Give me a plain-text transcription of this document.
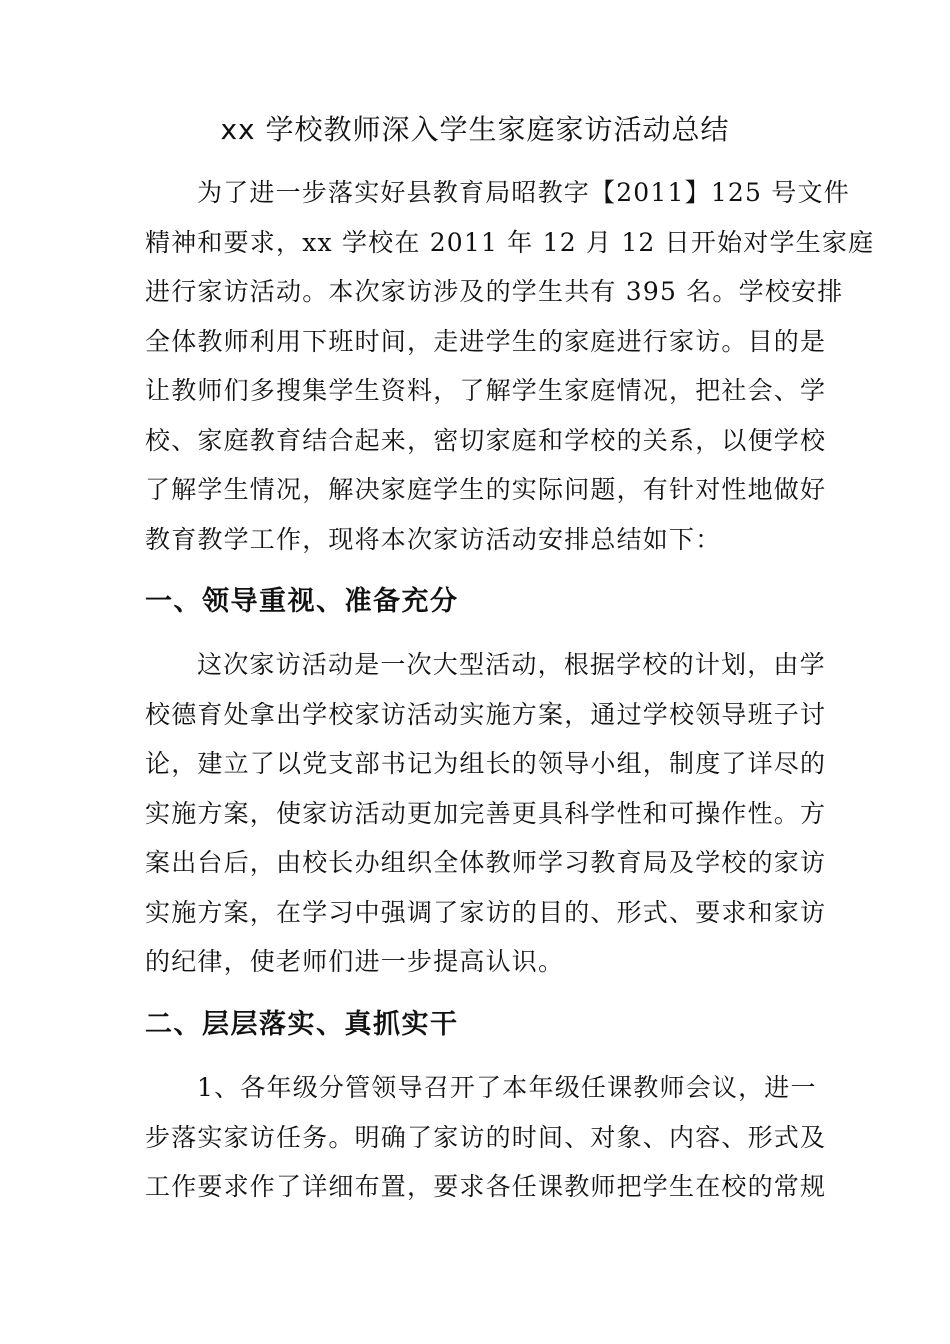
xx 学校教师深入学生家庭家访活动总结
为了进一步落实好县教育局昭教字【2011】125 号文件
精神和要求，xx 学校在 2011 年 12 月 12 日开始对学生家庭
进行家访活动。本次家访涉及的学生共有 395 名。学校安排
全体教师利用下班时间，走进学生的家庭进行家访。目的是
让教师们多搜集学生资料，了解学生家庭情况，把社会、学
校、家庭教育结合起来，密切家庭和学校的关系，以便学校
了解学生情况，解决家庭学生的实际问题，有针对性地做好
教育教学工作，现将本次家访活动安排总结如下：
一、领导重视、准备充分
这次家访活动是一次大型活动，根据学校的计划，由学
校德育处拿出学校家访活动实施方案，通过学校领导班子讨
论，建立了以党支部书记为组长的领导小组，制度了详尽的
实施方案，使家访活动更加完善更具科学性和可操作性。方
案出台后，由校长办组织全体教师学习教育局及学校的家访
实施方案，在学习中强调了家访的目的、形式、要求和家访
的纪律，使老师们进一步提高认识。
二、层层落实、真抓实干
1、各年级分管领导召开了本年级任课教师会议，进一
步落实家访任务。明确了家访的时间、对象、内容、形式及
工作要求作了详细布置，要求各任课教师把学生在校的常规
